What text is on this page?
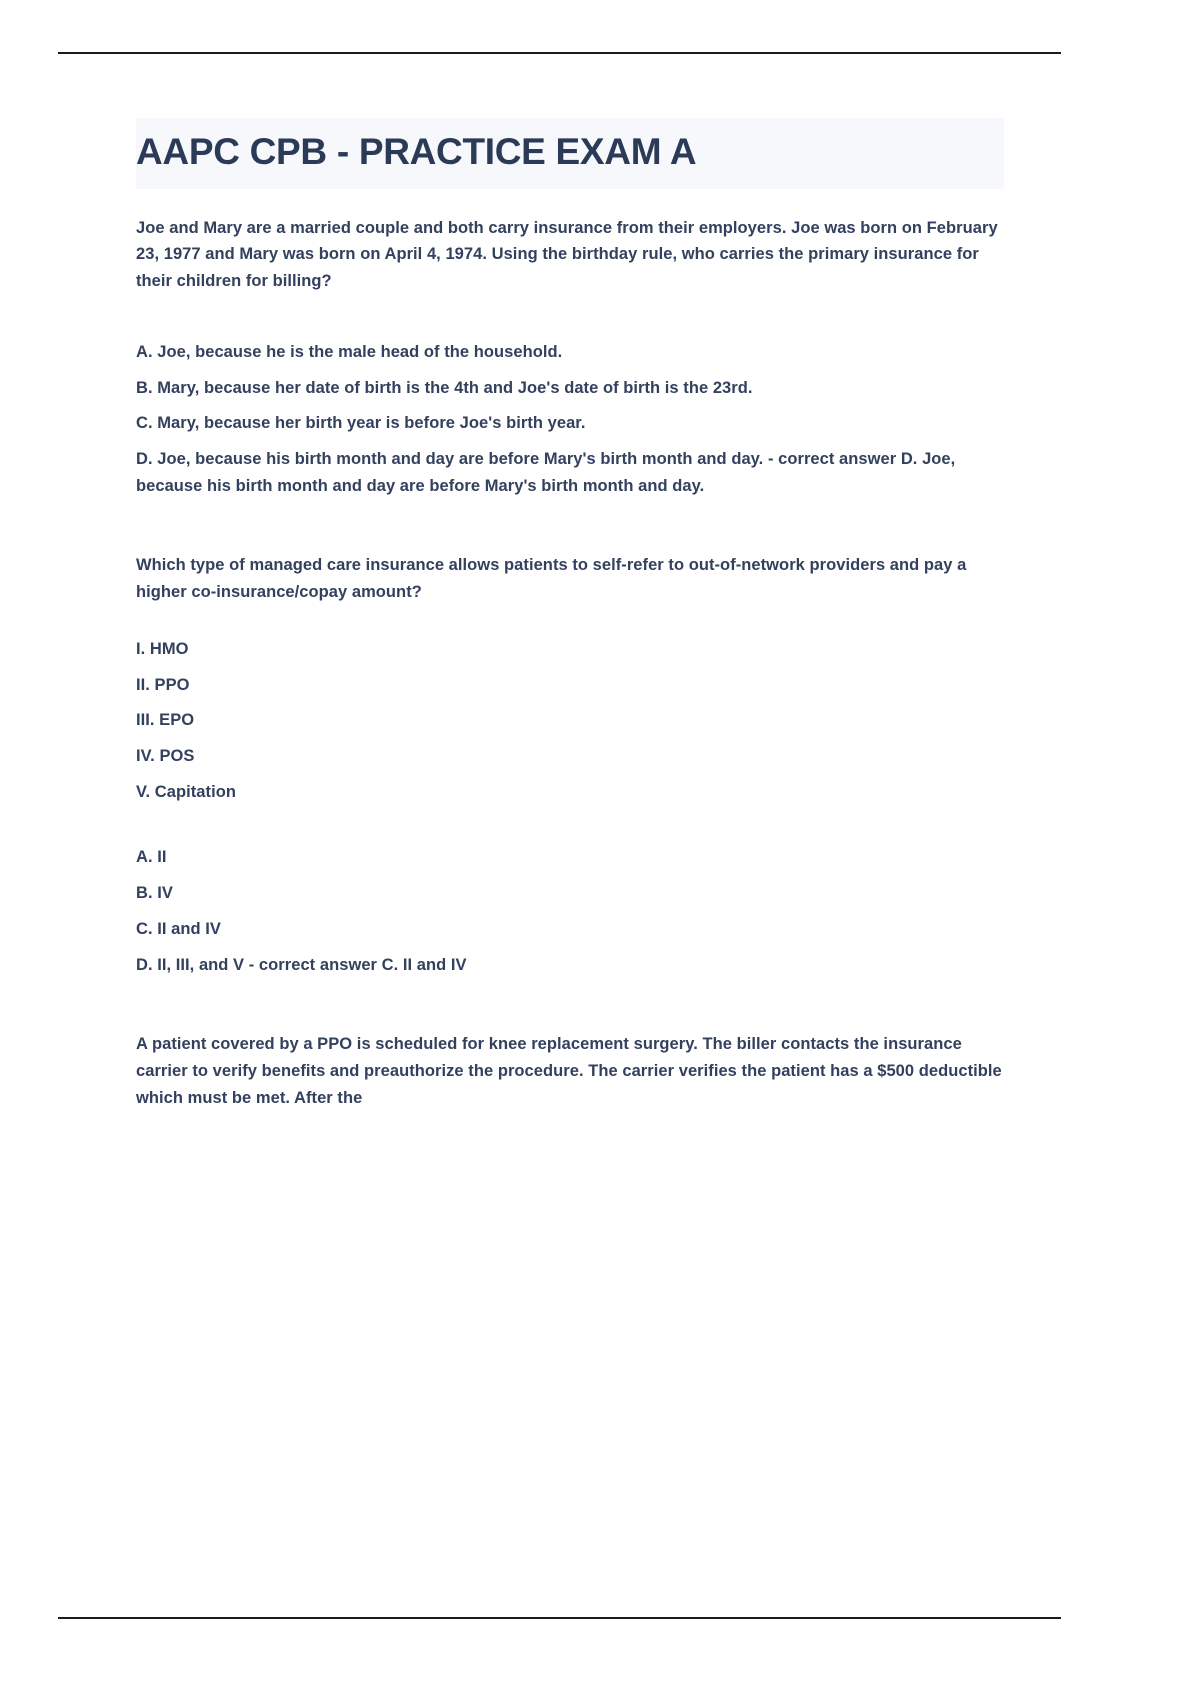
AAPC CPB - PRACTICE EXAM A

Joe and Mary are a married couple and both carry insurance from their employers. Joe was born on February 23, 1977 and Mary was born on April 4, 1974. Using the birthday rule, who carries the primary insurance for their children for billing?

A. Joe, because he is the male head of the household.

B. Mary, because her date of birth is the 4th and Joe's date of birth is the 23rd.

C. Mary, because her birth year is before Joe's birth year.

D. Joe, because his birth month and day are before Mary's birth month and day. - correct answer D. Joe, because his birth month and day are before Mary's birth month and day.

Which type of managed care insurance allows patients to self-refer to out-of-network providers and pay a higher co-insurance/copay amount?

I. HMO

II. PPO

III. EPO

IV. POS

V. Capitation

A. II

B. IV

C. II and IV

D. II, III, and V - correct answer C. II and IV

A patient covered by a PPO is scheduled for knee replacement surgery. The biller contacts the insurance carrier to verify benefits and preauthorize the procedure. The carrier verifies the patient has a $500 deductible which must be met. After the
